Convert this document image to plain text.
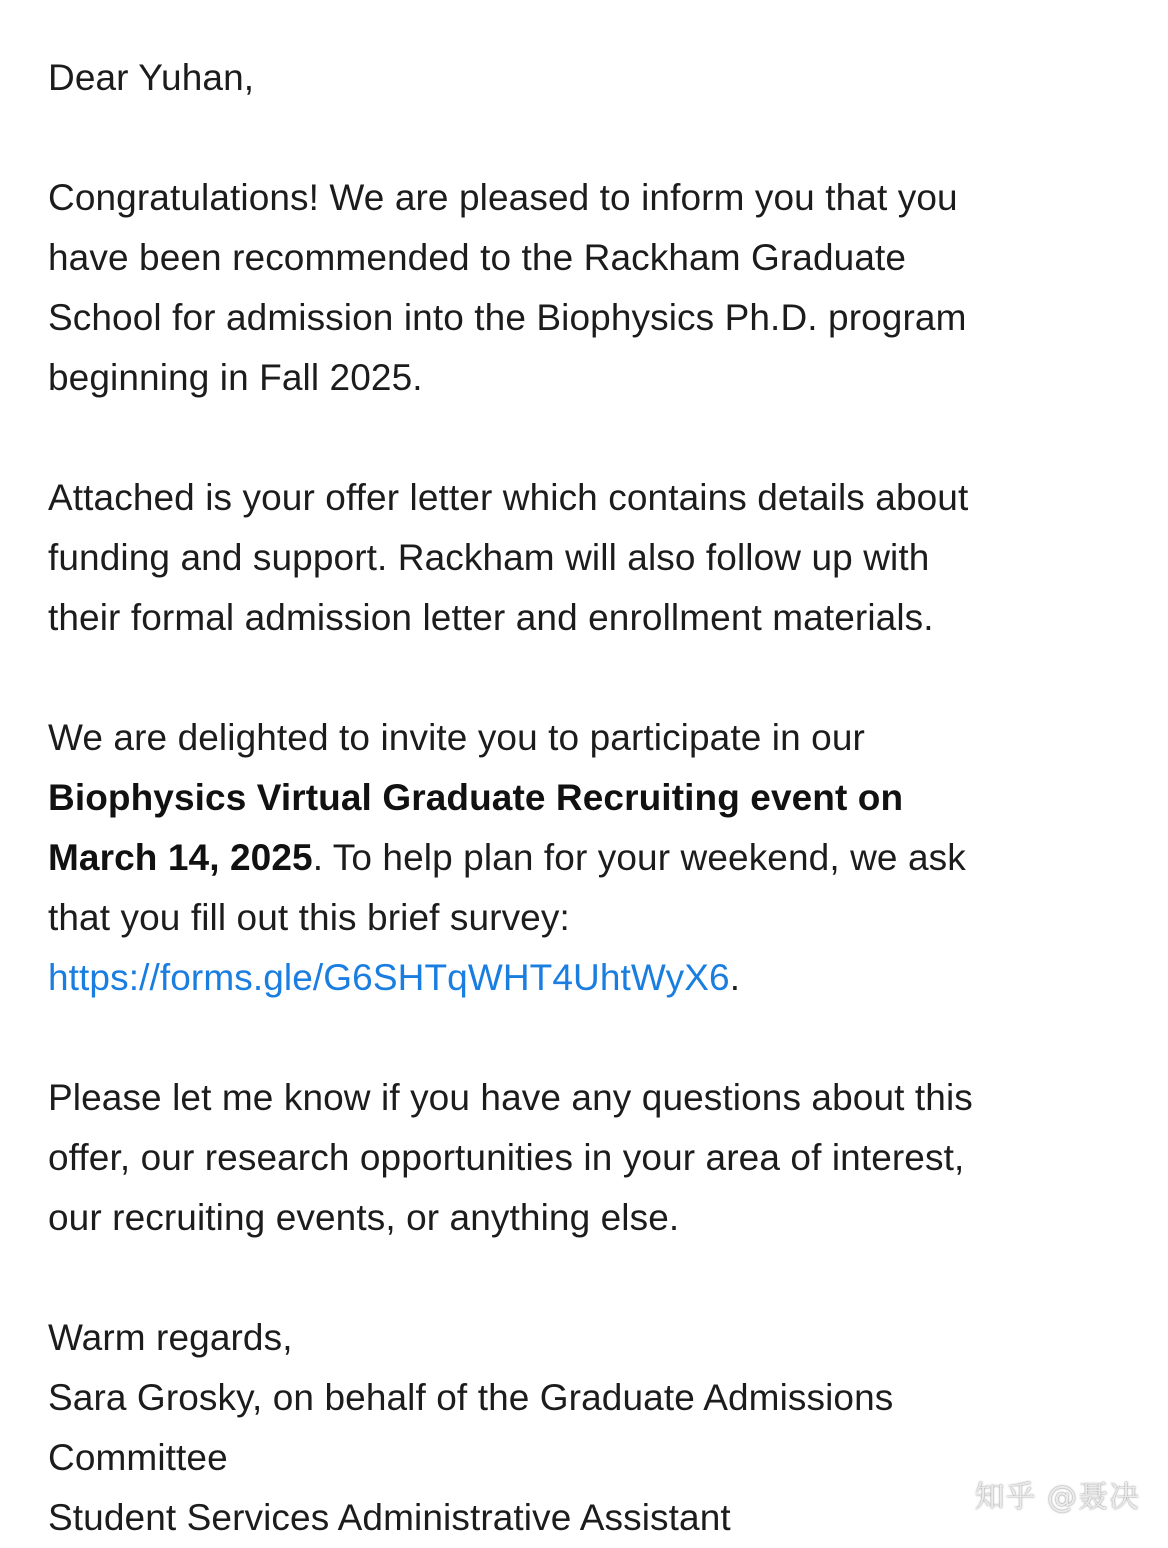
Dear Yuhan,
Congratulations! We are pleased to inform you that you
have been recommended to the Rackham Graduate
School for admission into the Biophysics Ph.D. program
beginning in Fall 2025.
Attached is your offer letter which contains details about
funding and support. Rackham will also follow up with
their formal admission letter and enrollment materials.
We are delighted to invite you to participate in our
Biophysics Virtual Graduate Recruiting event on
March 14, 2025. To help plan for your weekend, we ask
that you fill out this brief survey:
https://forms.gle/G6SHTqWHT4UhtWyX6.
Please let me know if you have any questions about this
offer, our research opportunities in your area of interest,
our recruiting events, or anything else.
Warm regards,
Sara Grosky, on behalf of the Graduate Admissions
Committee
Student Services Administrative Assistant	知乎 @聂决
